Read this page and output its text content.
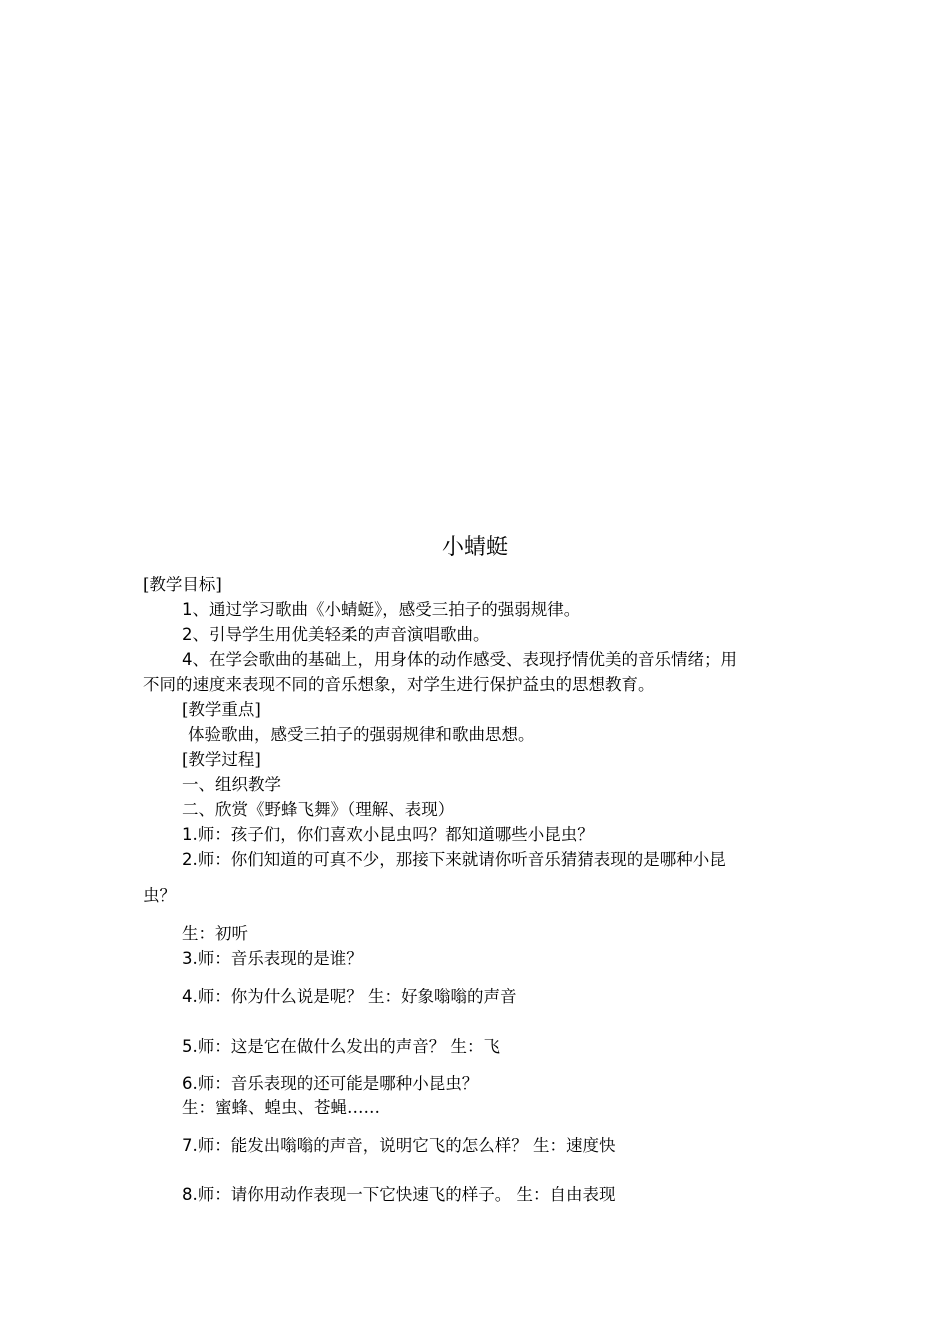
小蜻蜓
[教学目标]
1、通过学习歌曲《小蜻蜓》，感受三拍子的强弱规律。
2、引导学生用优美轻柔的声音演唱歌曲。
4、在学会歌曲的基础上，用身体的动作感受、表现抒情优美的音乐情绪；用
不同的速度来表现不同的音乐想象，对学生进行保护益虫的思想教育。
[教学重点]
体验歌曲，感受三拍子的强弱规律和歌曲思想。
[教学过程]
一、组织教学
二、欣赏《野蜂飞舞》（理解、表现）
1.师：孩子们，你们喜欢小昆虫吗？都知道哪些小昆虫？
2.师：你们知道的可真不少，那接下来就请你听音乐猜猜表现的是哪种小昆
虫？
生：初听
3.师：音乐表现的是谁？
4.师：你为什么说是呢？ 生：好象嗡嗡的声音
5.师：这是它在做什么发出的声音？ 生：飞
6.师：音乐表现的还可能是哪种小昆虫？
生：蜜蜂、蝗虫、苍蝇……
7.师：能发出嗡嗡的声音，说明它飞的怎么样？ 生：速度快
8.师：请你用动作表现一下它快速飞的样子。 生：自由表现
